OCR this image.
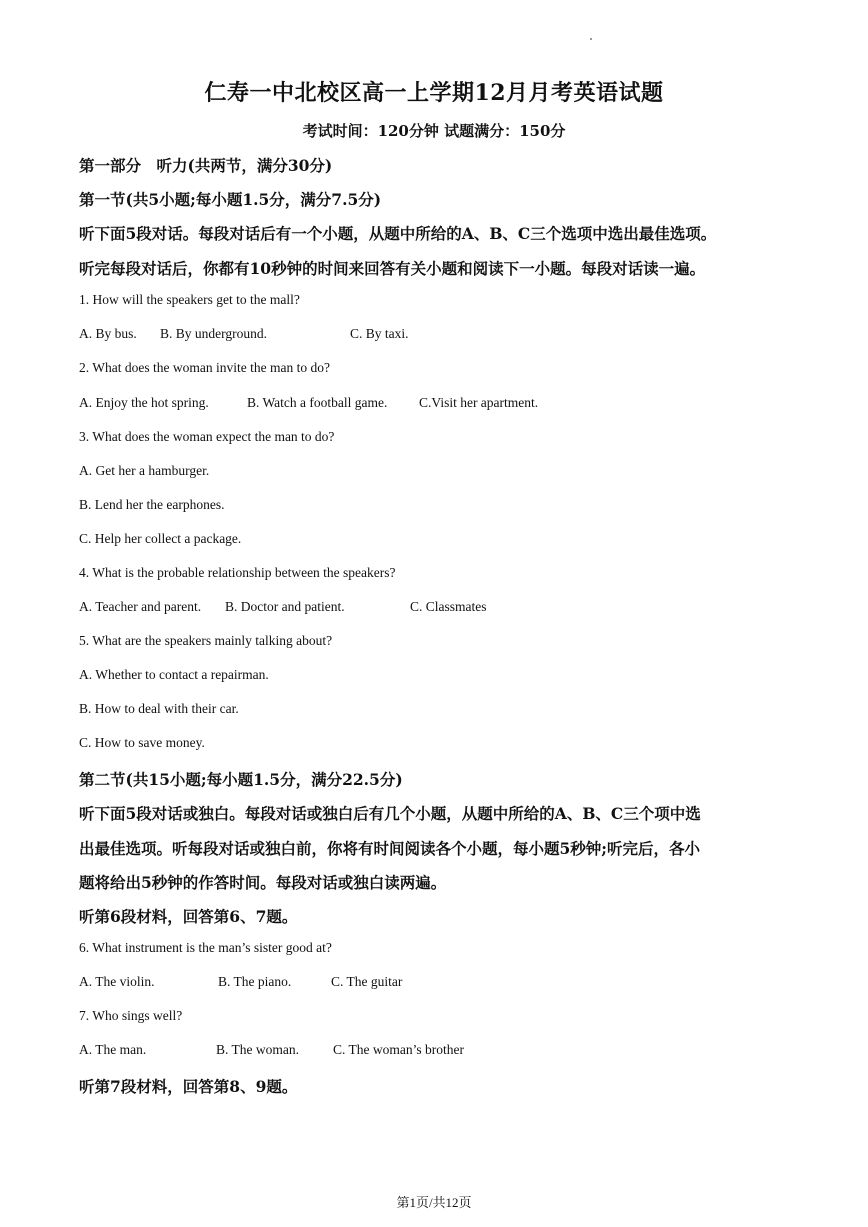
仁寿一中北校区高一上学期12月月考英语试题
考试时间：120分钟 试题满分：150分
第一部分　听力(共两节，满分30分)
第一节(共5小题;每小题1.5分，满分7.5分)
听下面5段对话。每段对话后有一个小题，从题中所给的A、B、C三个选项中选出最佳选项。
听完每段对话后，你都有10秒钟的时间来回答有关小题和阅读下一小题。每段对话读一遍。
1. How will the speakers get to the mall?
A. By bus. B. By underground.	C. By taxi.
2. What does the woman invite the man to do?
A. Enjoy the hot spring.	B. Watch a football game. C.Visit her apartment.
3. What does the woman expect the man to do?
A. Get her a hamburger.
B. Lend her the earphones.
C. Help her collect a package.
4. What is the probable relationship between the speakers?
A. Teacher and parent. B. Doctor and patient.	C. Classmates
5. What are the speakers mainly talking about?
A. Whether to contact a repairman.
B. How to deal with their car.
C. How to save money.
第二节(共15小题;每小题1.5分，满分22.5分)
听下面5段对话或独白。每段对话或独白后有几个小题，从题中所给的A、B、C三个项中选
出最佳选项。听每段对话或独白前，你将有时间阅读各个小题，每小题5秒钟;听完后，各小
题将给出5秒钟的作答时间。每段对话或独白读两遍。
听第6段材料，回答第6、7题。
6. What instrument is the man’s sister good at?
A. The violin.	B. The piano.	C. The guitar
7. Who sings well?
A. The man.	B. The woman.	C. The woman’s brother
听第7段材料，回答第8、9题。
第1页/共12页
